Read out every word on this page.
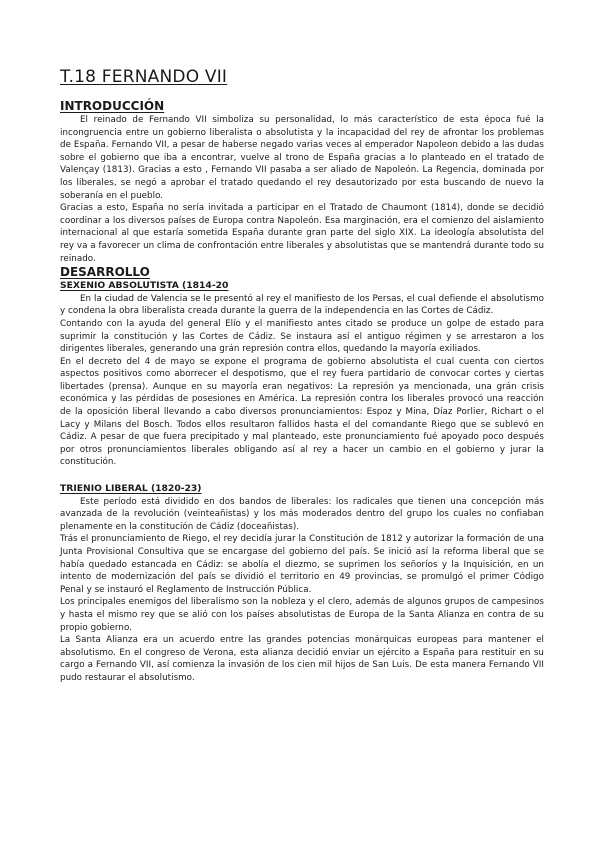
T.18 FERNANDO VII
INTRODUCCIÓN

El reinado de Fernando VII simboliza su personalidad, lo más característico de esta época fué la incongruencia entre un gobierno liberalista o absolutista y la incapacidad del rey de afrontar los problemas de España. Fernando VII, a pesar de haberse negado varias veces al emperador Napoleon debido a las dudas sobre el gobierno que iba a encontrar, vuelve al trono de España gracias a lo planteado en el tratado de Valençay (1813). Gracias a esto , Fernando VII pasaba a ser aliado de Napoleón. La Regencia, dominada por los liberales, se negó a aprobar el tratado quedando el rey desautorizado por esta buscando de nuevo la soberanía en el pueblo.

Gracias a esto, España no sería invitada a participar en el Tratado de Chaumont (1814), donde se decidió coordinar a los diversos países de Europa contra Napoleón. Esa marginación, era el comienzo del aislamiento internacional al que estaría sometida España durante gran parte del siglo XIX. La ideología absolutista del rey va a favorecer un clima de confrontación entre liberales y absolutistas que se mantendrá durante todo su reinado.

DESARROLLO
SEXENIO ABSOLUTISTA (1814-20

En la ciudad de Valencia se le presentó al rey el manifiesto de los Persas, el cual defiende el absolutismo y condena la obra liberalista creada durante la guerra de la independencia en las Cortes de Cádiz.

Contando con la ayuda del general Elío y el manifiesto antes citado se produce un golpe de estado para suprimir la constitución y las Cortes de Cádiz. Se instaura así el antiguo régimen y se arrestaron a los dirigentes liberales, generando una grán represión contra ellos, quedando la mayoría exiliados.

En el decreto del 4 de mayo se expone el programa de gobierno absolutista el cual cuenta con ciertos aspectos positivos como aborrecer el despotismo, que el rey fuera partidario de convocar cortes y ciertas libertades (prensa). Aunque en su mayoría eran negativos: La represión ya mencionada, una grán crisis económica y las pérdidas de posesiones en América. La represión contra los liberales provocó una reacción de la oposición liberal llevando a cabo diversos pronunciamientos: Espoz y Mina, Díaz Porlier, Richart o el Lacy y Milans del Bosch. Todos ellos resultaron fallidos hasta el del comandante Riego que se sublevó en Cádiz. A pesar de que fuera precipitado y mal planteado, este pronunciamiento fué apoyado poco después por otros pronunciamientos liberales obligando así al rey a hacer un cambio en el gobierno y jurar la constitución.

TRIENIO LIBERAL (1820-23)

Este período está dividido en dos bandos de liberales: los radicales que tienen una concepción más avanzada de la revolución (veinteañistas) y los más moderados dentro del grupo los cuales no confiaban plenamente en la constitución de Cádiz (doceañistas).

Trás el pronunciamiento de Riego, el rey decidía jurar la Constitución de 1812 y autorizar la formación de una Junta Provisional Consultiva que se encargase del gobierno del país. Se inició así la reforma liberal que se había quedado estancada en Cádiz: se abolía el diezmo, se suprimen los señoríos y la Inquisición, en un intento de modernización del país se dividió el territorio en 49 provincias, se promulgó el primer Código Penal y se instauró el Reglamento de Instrucción Pública.

Los principales enemigos del liberalismo son la nobleza y el clero, además de algunos grupos de campesinos y hasta el mismo rey que se alió con los países absolutistas de Europa de la Santa Alianza en contra de su propio gobierno.

La Santa Alianza era un acuerdo entre las grandes potencias monárquicas europeas para mantener el absolutismo. En el congreso de Verona, esta alianza decidió enviar un ejército a España para restituir en su cargo a Fernando VII, así comienza la invasión de los cien mil hijos de San Luis. De esta manera Fernando VII pudo restaurar el absolutismo.
